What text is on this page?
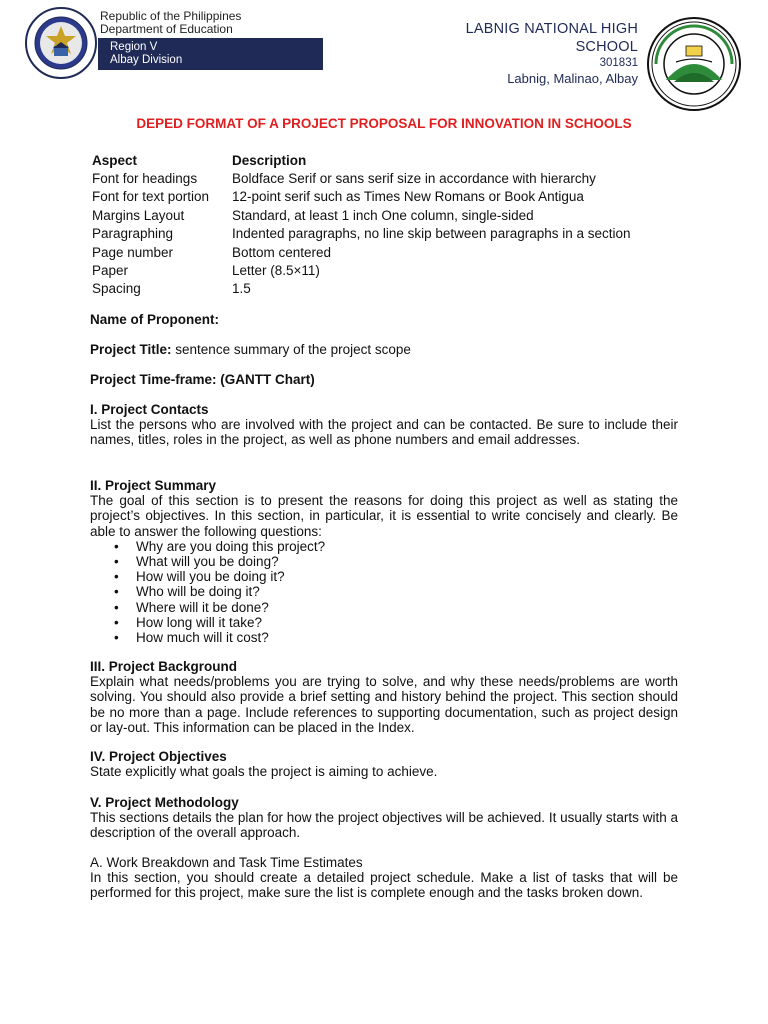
Republic of the Philippines
Department of Education
Region V
Albay Division
LABNIG NATIONAL HIGH SCHOOL
301831
Labnig, Malinao, Albay
DEPED FORMAT OF A PROJECT PROPOSAL FOR INNOVATION IN SCHOOLS
Aspect	Description
Font for headings	Boldface Serif or sans serif size in accordance with hierarchy
Font for text portion	12-point serif such as Times New Romans or Book Antigua
Margins Layout	Standard, at least 1 inch One column, single-sided
Paragraphing	Indented paragraphs, no line skip between paragraphs in a section
Page number	Bottom centered
Paper	Letter (8.5×11)
Spacing	1.5
Name of Proponent:
Project Title: sentence summary of the project scope
Project Time-frame: (GANTT Chart)
I. Project Contacts
List the persons who are involved with the project and can be contacted. Be sure to include their names, titles, roles in the project, as well as phone numbers and email addresses.
II. Project Summary
The goal of this section is to present the reasons for doing this project as well as stating the project’s objectives. In this section, in particular, it is essential to write concisely and clearly. Be able to answer the following questions:
• Why are you doing this project?
• What will you be doing?
• How will you be doing it?
• Who will be doing it?
• Where will it be done?
• How long will it take?
• How much will it cost?
III. Project Background
Explain what needs/problems you are trying to solve, and why these needs/problems are worth solving. You should also provide a brief setting and history behind the project. This section should be no more than a page. Include references to supporting documentation, such as project design or lay-out. This information can be placed in the Index.
IV. Project Objectives
State explicitly what goals the project is aiming to achieve.
V. Project Methodology
This sections details the plan for how the project objectives will be achieved. It usually starts with a description of the overall approach.
A. Work Breakdown and Task Time Estimates
In this section, you should create a detailed project schedule. Make a list of tasks that will be performed for this project, make sure the list is complete enough and the tasks broken down.
